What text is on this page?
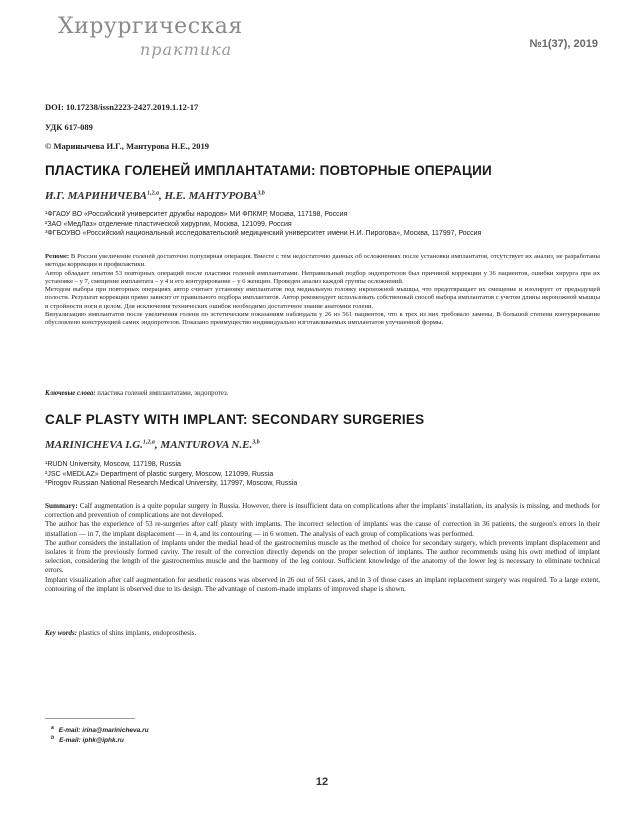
Хирургическая
практика	№1(37), 2019
DOI: 10.17238/issn2223-2427.2019.1.12-17
УДК 617-089
© Маринычева И.Г., Мантурова Н.Е., 2019
ПЛАСТИКА ГОЛЕНЕЙ ИМПЛАНТАТАМИ: ПОВТОРНЫЕ ОПЕРАЦИИ
И.Г. МАРИНИЧЕВА$^{1,2,a}$, Н.Е. МАНТУРОВА$^{3,b}$
¹ФГАОУ ВО «Российский университет дружбы народов» МИ ФПКМР, Москва, 117198, Россия
²ЗАО «МедЛаз» отделение пластической хирургии, Москва, 121099, Россия
³ФГБОУВО «Российский национальный исследовательский медицинский университет имени Н.И. Пирогова», Москва, 117997, Россия
Резюме: В России увеличение голеней достаточно популярная операция. Вместе с тем недостаточно данных об осложнениях после установки имплантатов, отсутствует их анализ, не разработаны методы коррекции и профилактики.
Автор обладает опытом 53 повторных операций после пластики голеней имплантатами. Неправильный подбор эндопротезов был причиной коррекции у 36 пациентов, ошибки хирурга при их установке – у 7, смещение имплантата – у 4 и его контурирование – у 6 женщин. Проведен анализ каждой группы осложнений.
Методом выбора при повторных операциях автор считает установку имплантатов под медиальную головку икроножной мышцы, что предотвращает их смещение и изолирует от предыдущей полости. Результат коррекции прямо зависит от правильного подбора имплантатов. Автор рекомендует использовать собственный способ выбора имплантатов с учетом длины икроножной мышцы и стройности ноги в целом. Для исключения технических ошибок необходимо достаточное знание анатомии голени.
Визуализацию имплантатов после увеличения голени по эстетическим показаниям наблюдали у 26 из 561 пациентов, что в трех из них требовало замены. В большой степени контурирование обусловлено конструкцией самих эндопротезов. Показано преимущество индивидуально изготавливаемых имплантатов улучшенной формы.
Ключевые слова: пластика голеней имплантатами, эндопротез.
CALF PLASTY WITH IMPLANT: SECONDARY SURGERIES
MARINICHEVA I.G.$^{1,2,a}$, MANTUROVA N.E.$^{3,b}$
¹RUDN University, Moscow, 117198, Russia
²JSC «MEDLAZ» Department of plastic surgery, Moscow, 121099, Russia
³Pirogov Russian National Research Medical University, 117997, Moscow, Russia
Summary: Calf augmentation is a quite popular surgery in Russia. However, there is insufficient data on complications after the implants' installation, its analysis is missing, and methods for correction and prevention of complications are not developed.
The author has the experience of 53 re-surgeries after calf plasty with implants. The incorrect selection of implants was the cause of correction in 36 patients, the surgeon's errors in their installation — in 7, the implant displacement — in 4, and its contouring — in 6 women. The analysis of each group of complications was performed.
The author considers the installation of implants under the medial head of the gastrocnemius muscle as the method of choice for secondary surgery, which prevents implant displacement and isolates it from the previously formed cavity. The result of the correction directly depends on the proper selection of implants. The author recommends using his own method of implant selection, considering the length of the gastrocnemius muscle and the harmony of the leg contour. Sufficient knowledge of the anatomy of the lower leg is necessary to eliminate technical errors.
Implant visualization after calf augmentation for aesthetic reasons was observed in 26 out of 561 cases, and in 3 of those cases an implant replacement surgery was required. To a large extent, contouring of the implant is observed due to its design. The advantage of custom-made implants of improved shape is shown.
Key words: plastics of shins implants, endoprosthesis.
$^a$ E-mail: irina@marinicheva.ru
$^b$ E-mail: iphk@iphk.ru
12
